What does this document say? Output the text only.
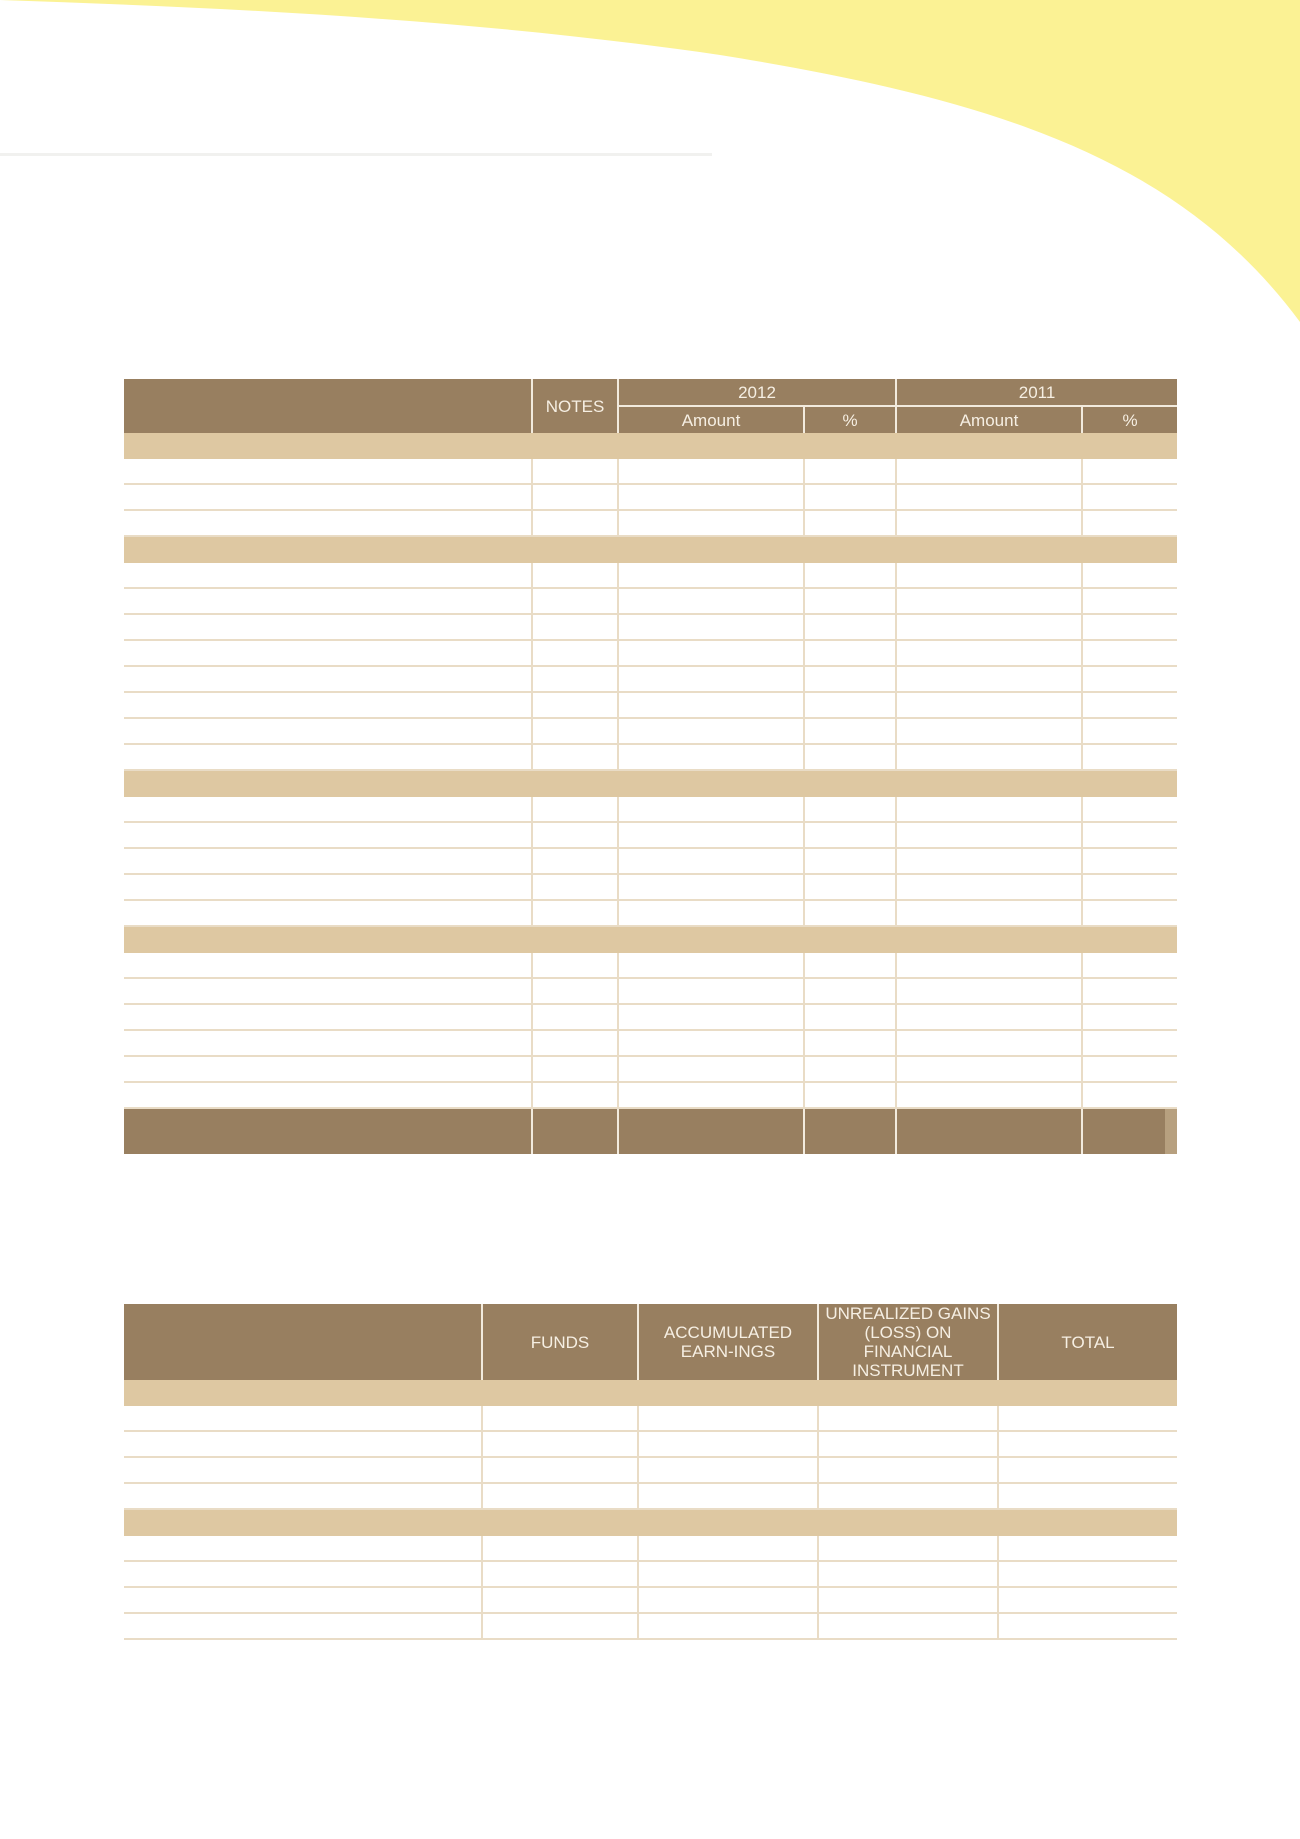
	NOTES	2012		2011	
		Amount	%	Amount	%

	FUNDS	ACCUMULATED EARN-INGS	UNREALIZED GAINS (LOSS) ON FINANCIAL INSTRUMENT	TOTAL
